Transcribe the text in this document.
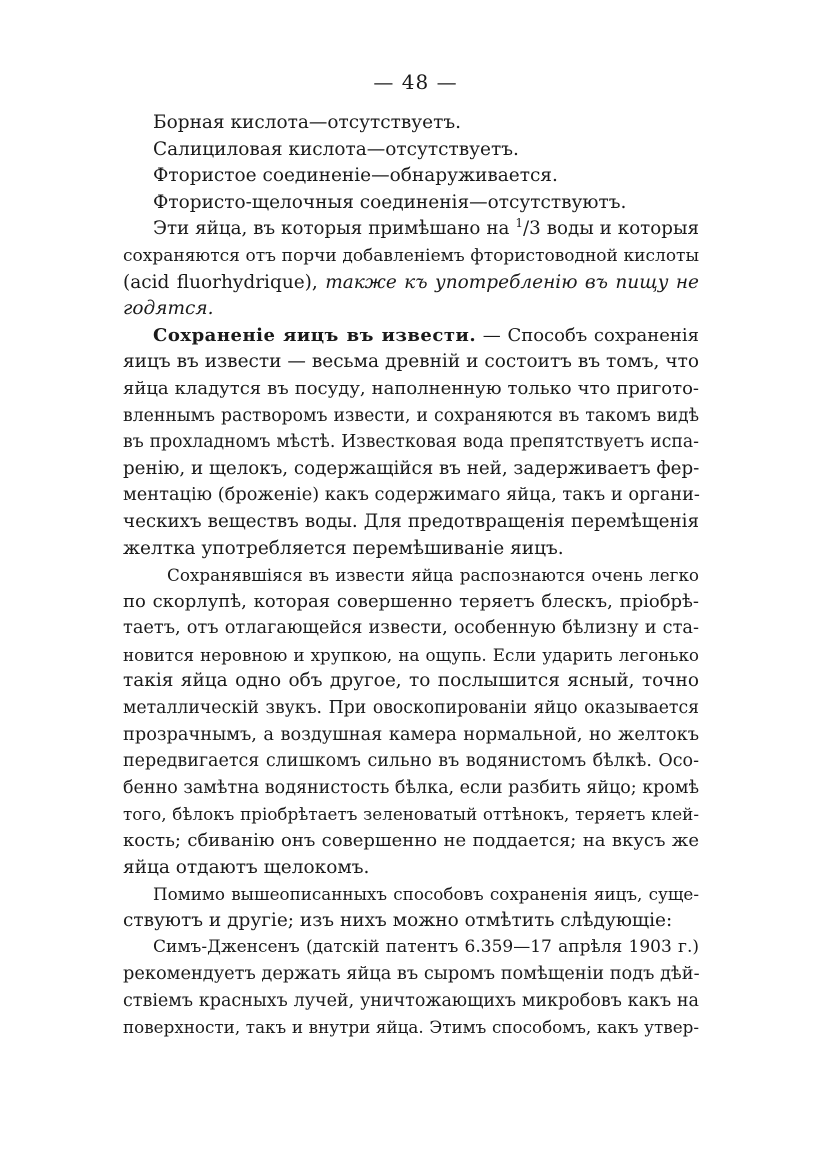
— 48 —
Борная кислота—отсутствуетъ.
Салициловая кислота—отсутствуетъ.
Фтористое соединеніе—обнаруживается.
Фтористо-щелочныя соединенія—отсутствуютъ.
Эти яйца, въ которыя примѣшано на $^1$/3 воды и которыя
сохраняются отъ порчи добавленіемъ фтористоводной кислоты
(acid fluorhydrique), также къ употребленію въ пищу не
годятся.
Сохраненіе яицъ въ извести. — Способъ сохраненія
яицъ въ извести — весьма древній и состоитъ въ томъ, что
яйца кладутся въ посуду, наполненную только что пригото-
вленнымъ растворомъ извести, и сохраняются въ такомъ видѣ
въ прохладномъ мѣстѣ. Известковая вода препятствуетъ испа-
ренію, и щелокъ, содержащійся въ ней, задерживаетъ фер-
ментацію (броженіе) какъ содержимаго яйца, такъ и органи-
ческихъ веществъ воды. Для предотвращенія перемѣщенія
желтка употребляется перемѣшиваніе яицъ.
Сохранявшіяся въ извести яйца распознаются очень легко
по скорлупѣ, которая совершенно теряетъ блескъ, пріобрѣ-
таетъ, отъ отлагающейся извести, особенную бѣлизну и ста-
новится неровною и хрупкою, на ощупь. Если ударить легонько
такія яйца одно объ другое, то послышится ясный, точно
металлическій звукъ. При овоскопированіи яйцо оказывается
прозрачнымъ, а воздушная камера нормальной, но желтокъ
передвигается слишкомъ сильно въ водянистомъ бѣлкѣ. Осо-
бенно замѣтна водянистость бѣлка, если разбить яйцо; кромѣ
того, бѣлокъ пріобрѣтаетъ зеленоватый оттѣнокъ, теряетъ клей-
кость; сбиванію онъ совершенно не поддается; на вкусъ же
яйца отдаютъ щелокомъ.
Помимо вышеописанныхъ способовъ сохраненія яицъ, суще-
ствуютъ и другіе; изъ нихъ можно отмѣтить слѣдующіе:
Симъ-Дженсенъ (датскій патентъ 6.359—17 апрѣля 1903 г.)
рекомендуетъ держать яйца въ сыромъ помѣщеніи подъ дѣй-
ствіемъ красныхъ лучей, уничтожающихъ микробовъ какъ на
поверхности, такъ и внутри яйца. Этимъ способомъ, какъ утвер-
